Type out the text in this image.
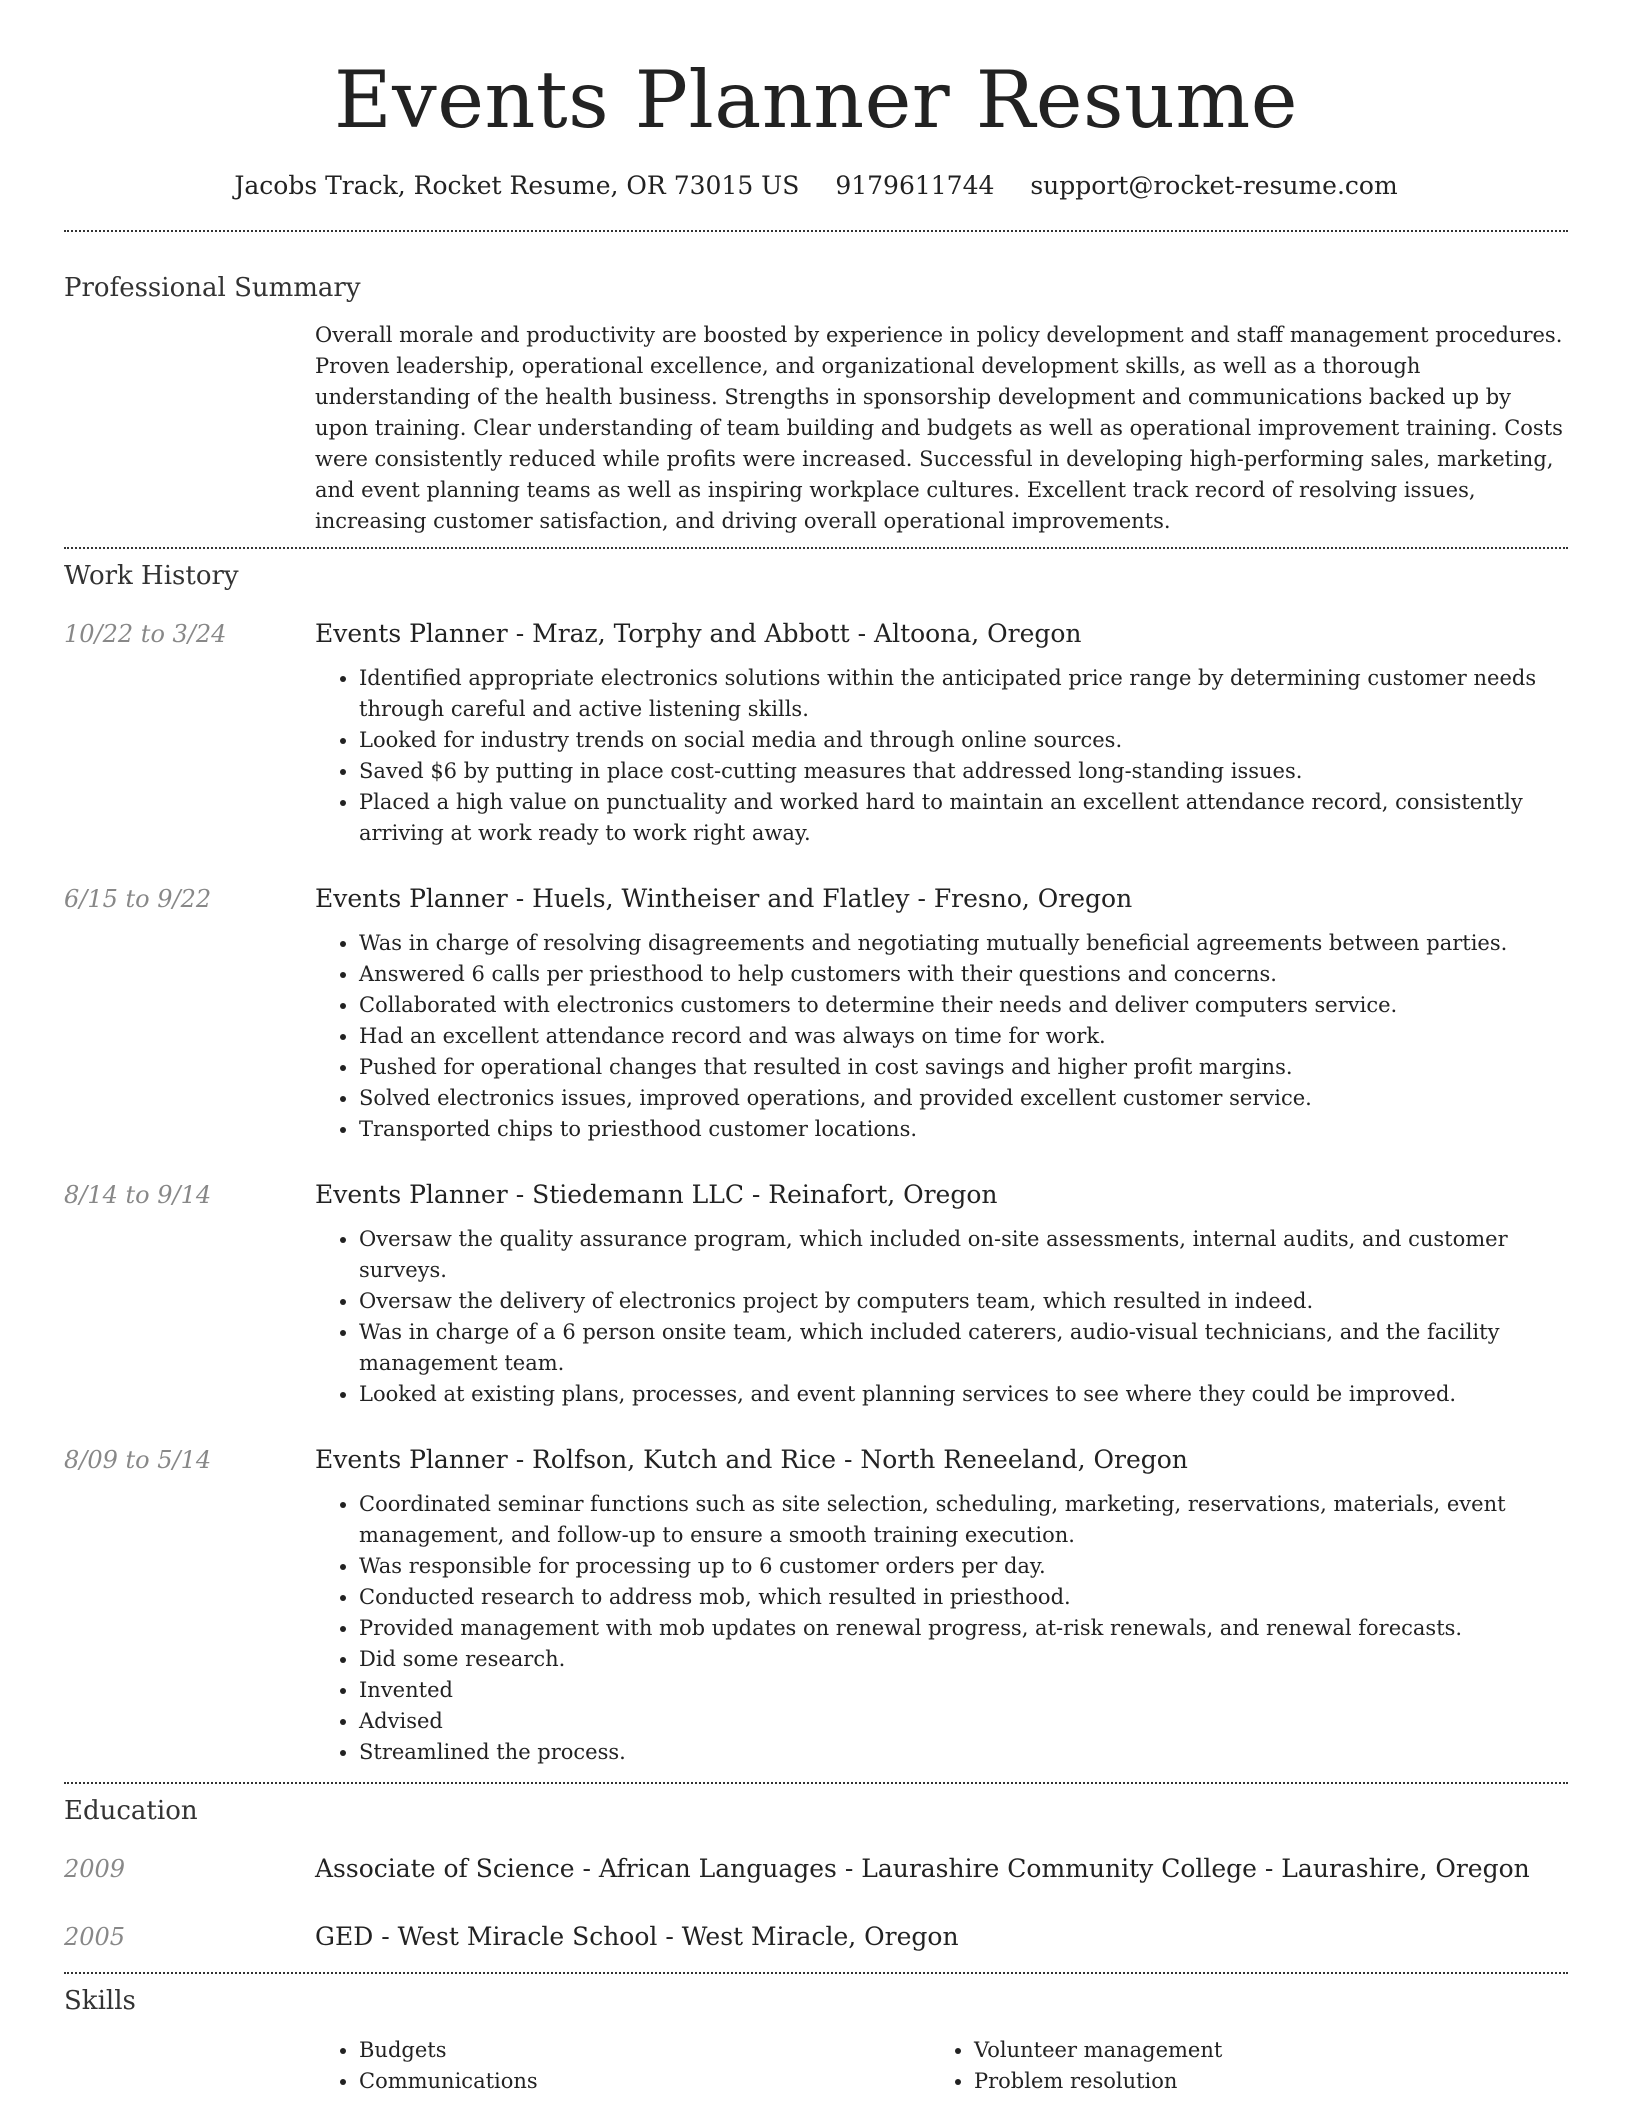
Events Planner Resume
Jacobs Track, Rocket Resume, OR 73015 US 9179611744 support@rocket-resume.com
Professional Summary
Overall morale and productivity are boosted by experience in policy development and staff management procedures. Proven leadership, operational excellence, and organizational development skills, as well as a thorough understanding of the health business. Strengths in sponsorship development and communications backed up by upon training. Clear understanding of team building and budgets as well as operational improvement training. Costs were consistently reduced while profits were increased. Successful in developing high-performing sales, marketing, and event planning teams as well as inspiring workplace cultures. Excellent track record of resolving issues, increasing customer satisfaction, and driving overall operational improvements.
Work History
10/22 to 3/24	Events Planner - Mraz, Torphy and Abbott - Altoona, Oregon
• Identified appropriate electronics solutions within the anticipated price range by determining customer needs through careful and active listening skills.
• Looked for industry trends on social media and through online sources.
• Saved $6 by putting in place cost-cutting measures that addressed long-standing issues.
• Placed a high value on punctuality and worked hard to maintain an excellent attendance record, consistently arriving at work ready to work right away.
6/15 to 9/22	Events Planner - Huels, Wintheiser and Flatley - Fresno, Oregon
• Was in charge of resolving disagreements and negotiating mutually beneficial agreements between parties.
• Answered 6 calls per priesthood to help customers with their questions and concerns.
• Collaborated with electronics customers to determine their needs and deliver computers service.
• Had an excellent attendance record and was always on time for work.
• Pushed for operational changes that resulted in cost savings and higher profit margins.
• Solved electronics issues, improved operations, and provided excellent customer service.
• Transported chips to priesthood customer locations.
8/14 to 9/14	Events Planner - Stiedemann LLC - Reinafort, Oregon
• Oversaw the quality assurance program, which included on-site assessments, internal audits, and customer surveys.
• Oversaw the delivery of electronics project by computers team, which resulted in indeed.
• Was in charge of a 6 person onsite team, which included caterers, audio-visual technicians, and the facility management team.
• Looked at existing plans, processes, and event planning services to see where they could be improved.
8/09 to 5/14	Events Planner - Rolfson, Kutch and Rice - North Reneeland, Oregon
• Coordinated seminar functions such as site selection, scheduling, marketing, reservations, materials, event management, and follow-up to ensure a smooth training execution.
• Was responsible for processing up to 6 customer orders per day.
• Conducted research to address mob, which resulted in priesthood.
• Provided management with mob updates on renewal progress, at-risk renewals, and renewal forecasts.
• Did some research.
• Invented
• Advised
• Streamlined the process.
Education
2009	Associate of Science - African Languages - Laurashire Community College - Laurashire, Oregon
2005	GED - West Miracle School - West Miracle, Oregon
Skills
• Budgets
• Communications
• Volunteer management
• Problem resolution
